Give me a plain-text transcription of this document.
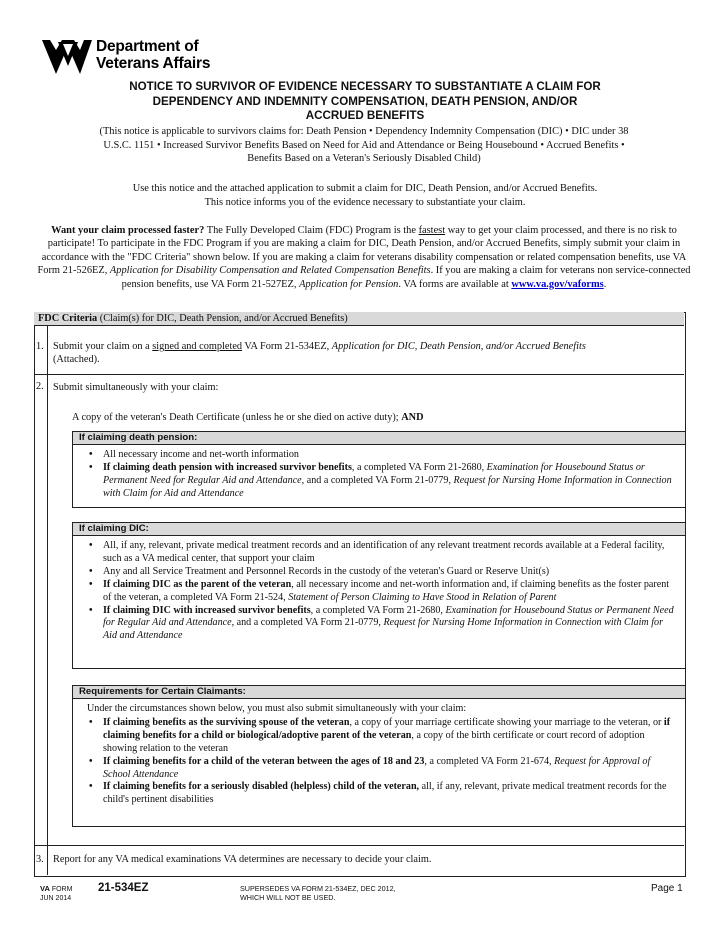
Department of
Veterans Affairs
NOTICE TO SURVIVOR OF EVIDENCE NECESSARY TO SUBSTANTIATE A CLAIM FOR
DEPENDENCY AND INDEMNITY COMPENSATION, DEATH PENSION, AND/OR
ACCRUED BENEFITS
(This notice is applicable to survivors claims for: Death Pension • Dependency Indemnity Compensation (DIC) • DIC under 38
U.S.C. 1151 • Increased Survivor Benefits Based on Need for Aid and Attendance or Being Housebound • Accrued Benefits •
Benefits Based on a Veteran's Seriously Disabled Child)
Use this notice and the attached application to submit a claim for DIC, Death Pension, and/or Accrued Benefits.
This notice informs you of the evidence necessary to substantiate your claim.
Want your claim processed faster? The Fully Developed Claim (FDC) Program is the fastest way to get your claim processed, and there is no risk to participate! To participate in the FDC Program if you are making a claim for DIC, Death Pension, and/or Accrued Benefits, simply submit your claim in accordance with the "FDC Criteria" shown below. If you are making a claim for veterans disability compensation or related compensation benefits, use VA Form 21-526EZ, Application for Disability Compensation and Related Compensation Benefits. If you are making a claim for veterans non service-connected pension benefits, use VA Form 21-527EZ, Application for Pension. VA forms are available at www.va.gov/vaforms.
FDC Criteria (Claim(s) for DIC, Death Pension, and/or Accrued Benefits)
1. Submit your claim on a signed and completed VA Form 21-534EZ, Application for DIC, Death Pension, and/or Accrued Benefits (Attached).
2. Submit simultaneously with your claim:
A copy of the veteran's Death Certificate (unless he or she died on active duty); AND
If claiming death pension:
• All necessary income and net-worth information
• If claiming death pension with increased survivor benefits, a completed VA Form 21-2680, Examination for Housebound Status or Permanent Need for Regular Aid and Attendance, and a completed VA Form 21-0779, Request for Nursing Home Information in Connection with Claim for Aid and Attendance
If claiming DIC:
• All, if any, relevant, private medical treatment records and an identification of any relevant treatment records available at a Federal facility, such as a VA medical center, that support your claim
• Any and all Service Treatment and Personnel Records in the custody of the veteran's Guard or Reserve Unit(s)
• If claiming DIC as the parent of the veteran, all necessary income and net-worth information and, if claiming benefits as the foster parent of the veteran, a completed VA Form 21-524, Statement of Person Claiming to Have Stood in Relation of Parent
• If claiming DIC with increased survivor benefits, a completed VA Form 21-2680, Examination for Housebound Status or Permanent Need for Regular Aid and Attendance, and a completed VA Form 21-0779, Request for Nursing Home Information in Connection with Claim for Aid and Attendance
Requirements for Certain Claimants:
Under the circumstances shown below, you must also submit simultaneously with your claim:
• If claiming benefits as the surviving spouse of the veteran, a copy of your marriage certificate showing your marriage to the veteran, or if claiming benefits for a child or biological/adoptive parent of the veteran, a copy of the birth certificate or court record of adoption showing relation to the veteran
• If claiming benefits for a child of the veteran between the ages of 18 and 23, a completed VA Form 21-674, Request for Approval of School Attendance
• If claiming benefits for a seriously disabled (helpless) child of the veteran, all, if any, relevant, private medical treatment records for the child's pertinent disabilities
3. Report for any VA medical examinations VA determines are necessary to decide your claim.
VA FORM
JUN 2014
21-534EZ	SUPERSEDES VA FORM 21-534EZ, DEC 2012,
WHICH WILL NOT BE USED.
Page 1
